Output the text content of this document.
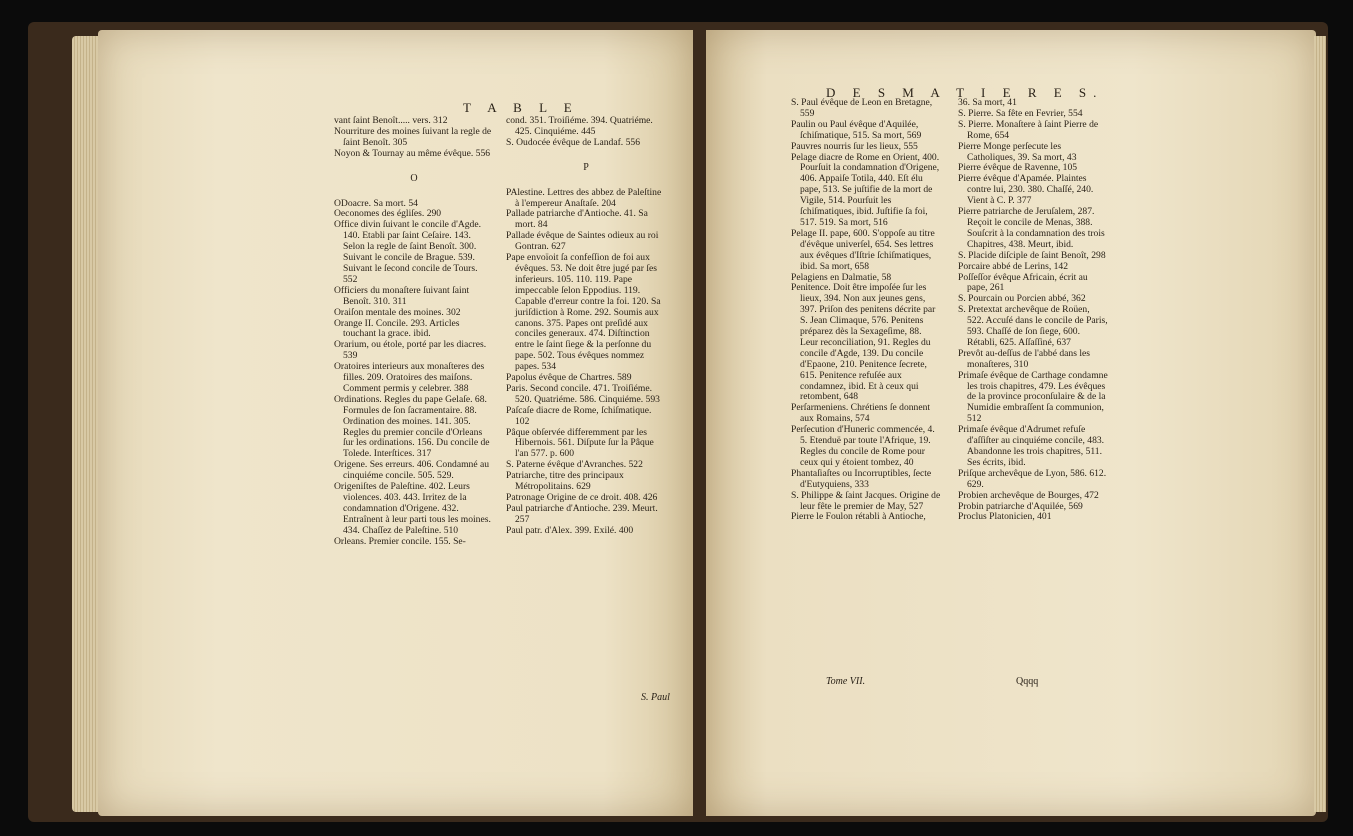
T A B L E
vant ſaint Benoît..... vers. 312
Nourriture des moines ſuivant la regle de ſaint Benoît. 305
Noyon & Tournay au même évêque. 556
O
ODoacre. Sa mort. 54
Oeconomes des égliſes. 290
Office divin ſuivant le concile d'Agde. 140. Etabli par ſaint Ceſaire. 143. Selon la regle de ſaint Benoît. 300. Suivant le concile de Brague. 539. Suivant le ſecond concile de Tours. 552
Officiers du monaſtere ſuivant ſaint Benoît. 310. 311
Oraiſon mentale des moines. 302
Orange II. Concile. 293. Articles touchant la grace. ibid.
Orarium, ou étole, porté par les diacres. 539
Oratoires interieurs aux monaſteres des filles. 209. Oratoires des maiſons. Comment permis y celebrer. 388
Ordinations. Regles du pape Gelaſe. 68. Formules de ſon ſacramentaire. 88. Ordination des moines. 141. 305. Regles du premier concile d'Orleans ſur les ordinations. 156. Du concile de Tolede. Interſtices. 317
Origene. Ses erreurs. 406. Condamné au cinquiéme concile. 505. 529.
Origeniſtes de Paleſtine. 402. Leurs violences. 403. 443. Irritez de la condamnation d'Origene. 432. Entraînent à leur parti tous les moines. 434. Chaſſez de Paleſtine. 510
Orleans. Premier concile. 155. Se-
cond. 351. Troiſiéme. 394. Quatriéme. 425. Cinquiéme. 445
S. Oudocée évêque de Landaf. 556
P
PAlestine. Lettres des abbez de Paleſtine à l'empereur Anaſtaſe. 204
Pallade patriarche d'Antioche. 41. Sa mort. 84
Pallade évêque de Saintes odieux au roi Gontran. 627
Pape envoïoit ſa confeſſion de foi aux évêques. 53. Ne doit être jugé par ſes inferieurs. 105. 110. 119. Pape impeccable ſelon Eppodius. 119. Capable d'erreur contre la foi. 120. Sa juriſdiction à Rome. 292. Soumis aux canons. 375. Papes ont preſidé aux conciles generaux. 474. Diſtinction entre le ſaint ſiege & la perſonne du pape. 502. Tous évêques nommez papes. 534
Papolus évêque de Chartres. 589
Paris. Second concile. 471. Troiſiéme. 520. Quatriéme. 586. Cinquiéme. 593
Paſcaſe diacre de Rome, ſchiſmatique. 102
Pâque obſervée differemment par les Hibernois. 561. Diſpute ſur la Pâque l'an 577. p. 600
S. Paterne évêque d'Avranches. 522
Patriarche, titre des principaux Métropolitains. 629
Patronage Origine de ce droit. 408. 426
Paul patriarche d'Antioche. 239. Meurt. 257
Paul patr. d'Alex. 399. Exilé. 400
S. Paul
D E S M A T I E R E S.
S. Paul évêque de Leon en Bretagne, 559
Paulin ou Paul évêque d'Aquilée, ſchiſmatique, 515. Sa mort, 569
Pauvres nourris ſur les lieux, 555
Pelage diacre de Rome en Orient, 400. Pourſuit la condamnation d'Origene, 406. Appaiſe Totila, 440. Eſt élu pape, 513. Se juſtifie de la mort de Vigile, 514. Pourſuit les ſchiſmatiques, ibid. Juſtifie ſa foi, 517. 519. Sa mort, 516
Pelage II. pape, 600. S'oppoſe au titre d'évêque univerſel, 654. Ses lettres aux évêques d'Iſtrie ſchiſmatiques, ibid. Sa mort, 658
Pelagiens en Dalmatie, 58
Penitence. Doit être impoſée ſur les lieux, 394. Non aux jeunes gens, 397. Priſon des penitens décrite par S. Jean Climaque, 576. Penitens préparez dès la Sexageſime, 88. Leur reconciliation, 91. Regles du concile d'Agde, 139. Du concile d'Epaone, 210. Penitence ſecrete, 615. Penitence refuſée aux condamnez, ibid. Et à ceux qui retombent, 648
Perſarmeniens. Chrétiens ſe donnent aux Romains, 574
Perſecution d'Huneric commencée, 4. 5. Etenduë par toute l'Afrique, 19. Regles du concile de Rome pour ceux qui y étoient tombez, 40
Phantaſiaſtes ou Incorruptibles, ſecte d'Eutyquiens, 333
S. Philippe & ſaint Jacques. Origine de leur fête le premier de May, 527
Pierre le Foulon rétabli à Antioche,
36. Sa mort, 41
S. Pierre. Sa fête en Fevrier, 554
S. Pierre. Monaſtere à ſaint Pierre de Rome, 654
Pierre Monge perſecute les Catholiques, 39. Sa mort, 43
Pierre évêque de Ravenne, 105
Pierre évêque d'Apamée. Plaintes contre lui, 230. 380. Chaſſé, 240. Vient à C. P. 377
Pierre patriarche de Jeruſalem, 287. Reçoit le concile de Menas, 388. Souſcrit à la condamnation des trois Chapitres, 438. Meurt, ibid.
S. Placide diſciple de ſaint Benoît, 298
Porcaire abbé de Lerins, 142
Poſſeſſor évêque Africain, écrit au pape, 261
S. Pourcain ou Porcien abbé, 362
S. Pretextat archevêque de Roüen, 522. Accuſé dans le concile de Paris, 593. Chaſſé de ſon ſiege, 600. Rétabli, 625. Aſſaſſiné, 637
Prevôt au-deſſus de l'abbé dans les monaſteres, 310
Primaſe évêque de Carthage condamne les trois chapitres, 479. Les évêques de la province proconſulaire & de la Numidie embraſſent ſa communion, 512
Primaſe évêque d'Adrumet refuſe d'aſſiſter au cinquiéme concile, 483. Abandonne les trois chapitres, 511. Ses écrits, ibid.
Priſque archevêque de Lyon, 586. 612. 629.
Probien archevêque de Bourges, 472
Probin patriarche d'Aquilée, 569
Proclus Platonicien, 401
Tome VII.	Qqqq
